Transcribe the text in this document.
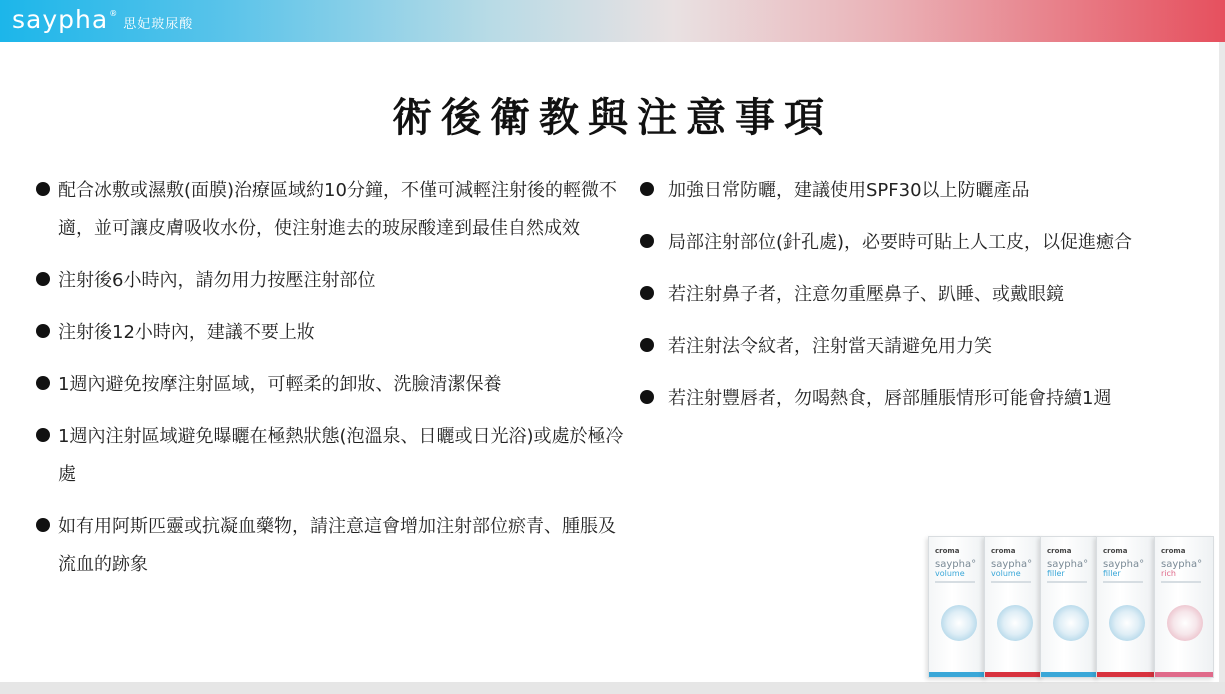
saypha ®
思妃玻尿酸
術後衛教與注意事項
配合冰敷或濕敷(面膜)治療區域約10分鐘，不僅可減輕注射後的輕微不適，並可讓皮膚吸收水份，使注射進去的玻尿酸達到最佳自然成效
注射後6小時內，請勿用力按壓注射部位
注射後12小時內，建議不要上妝
1週內避免按摩注射區域，可輕柔的卸妝、洗臉清潔保養
1週內注射區域避免曝曬在極熱狀態(泡溫泉、日曬或日光浴)或處於極冷處
如有用阿斯匹靈或抗凝血藥物，請注意這會增加注射部位瘀青、腫脹及流血的跡象
加強日常防曬，建議使用SPF30以上防曬產品
局部注射部位(針孔處)，必要時可貼上人工皮，以促進癒合
若注射鼻子者，注意勿重壓鼻子、趴睡、或戴眼鏡
若注射法令紋者，注射當天請避免用力笑
若注射豐唇者，勿喝熱食，唇部腫脹情形可能會持續1週
croma
saypha°
volume
croma
saypha°
volume
croma
saypha°
filler
croma
saypha°
filler
croma
saypha°
rich
